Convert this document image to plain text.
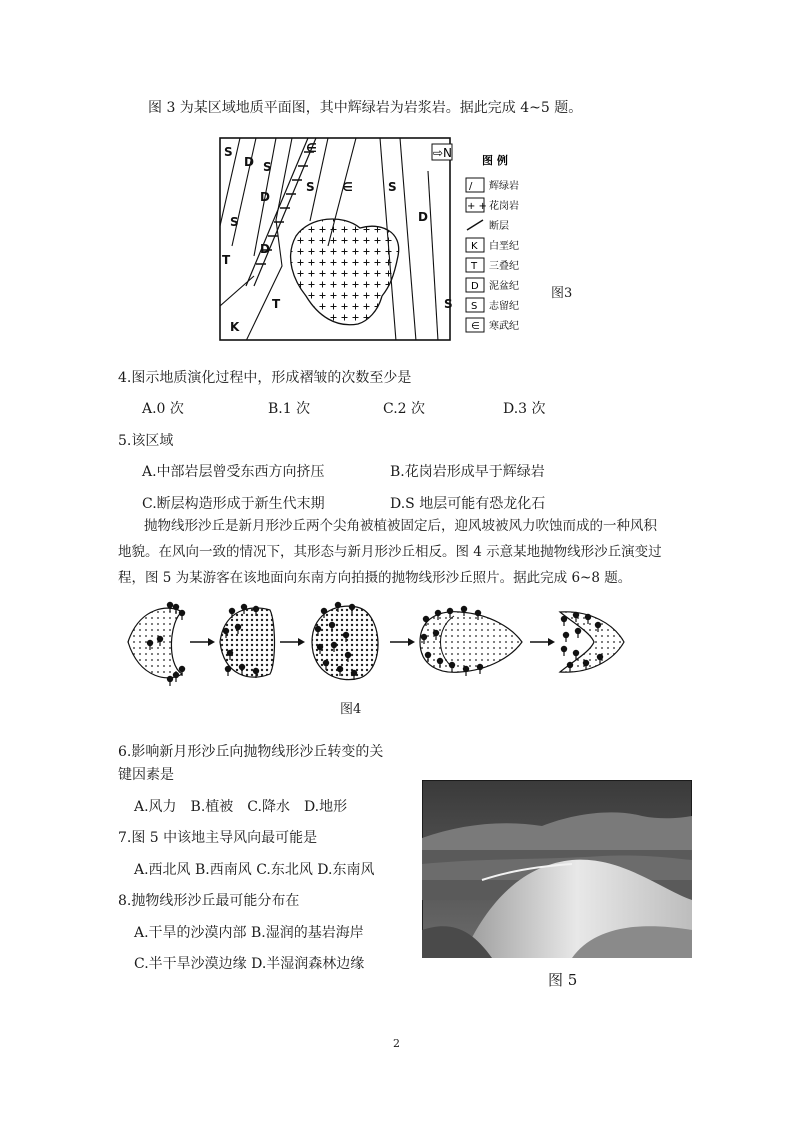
图 3 为某区域地质平面图，其中辉绿岩为岩浆岩。据此完成 4~5 题。
⇨N
S
D S
∈
S ∈	S
D
S	D
D
T
T	S
K
图 例
/ 辉绿岩
+ + 花岗岩
断层
K 白垩纪
T 三叠纪
D 泥盆纪
S 志留纪
∈ 寒武纪
图3
4.图示地质演化过程中，形成褶皱的次数至少是
A.0 次	B.1 次	C.2 次	D.3 次
5.该区域
A.中部岩层曾受东西方向挤压	B.花岗岩形成早于辉绿岩
C.断层构造形成于新生代末期	D.S 地层可能有恐龙化石
抛物线形沙丘是新月形沙丘两个尖角被植被固定后，迎风坡被风力吹蚀而成的一种风积
地貌。在风向一致的情况下，其形态与新月形沙丘相反。图 4 示意某地抛物线形沙丘演变过
程，图 5 为某游客在该地面向东南方向拍摄的抛物线形沙丘照片。据此完成 6~8 题。
图4
6.影响新月形沙丘向抛物线形沙丘转变的关
键因素是
A.风力　B.植被　C.降水　D.地形
7.图 5 中该地主导风向最可能是
A.西北风 B.西南风 C.东北风 D.东南风
8.抛物线形沙丘最可能分布在
A.干旱的沙漠内部 B.湿润的基岩海岸
C.半干旱沙漠边缘 D.半湿润森林边缘
图 5
2
